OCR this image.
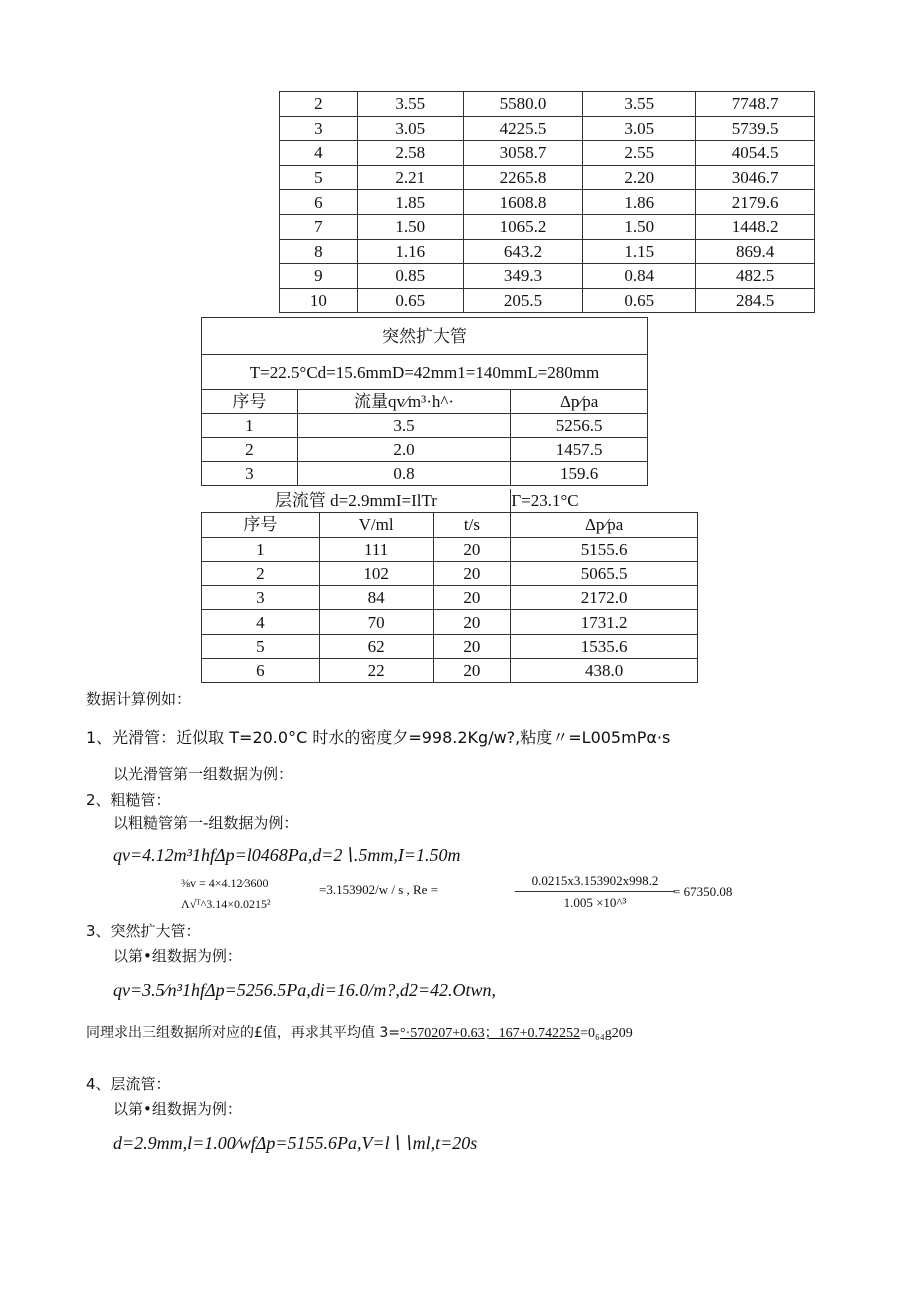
2	3.55	5580.0	3.55	7748.7
3	3.05	4225.5	3.05	5739.5
4	2.58	3058.7	2.55	4054.5
5	2.21	2265.8	2.20	3046.7
6	1.85	1608.8	1.86	2179.6
7	1.50	1065.2	1.50	1448.2
8	1.16	643.2	1.15	869.4
9	0.85	349.3	0.84	482.5
10	0.65	205.5	0.65	284.5
突然扩大管		
T=22.5°Cd=15.6mmD=42mm1=140mmL=280mm		
序号	流量qv⁄m³·h^·	Δp⁄pa
1	3.5	5256.5
2	2.0	1457.5
3	0.8	159.6
层流管 d=2.9mmI=IlTr			Γ=23.1°C
序号	V/ml	t/s	Δp⁄pa
1	111	20	5155.6
2	102	20	5065.5
3	84	20	2172.0
4	70	20	1731.2
5	62	20	1535.6
6	22	20	438.0
数据计算例如：
1、光滑管：近似取 T=20.0°C 时水的密度夕=998.2Kg/w?,粘度〃=L005mPα·s
以光滑管第一组数据为例：
2、粗糙管：
以粗糙管第一-组数据为例：
qv=4.12m³1hfΔp=l0468Pa,d=2∖.5mm,I=1.50m
⅜v = 4×4.12∕3600
Λ√ᵀ^3.14×0.0215²
=3.153902/w / s , Re =
0.0215x3.153902x998.2
1.005 ×10^³
= 67350.08
3、突然扩大管：
以第•组数据为例：
qv=3.5∕n³1hfΔp=5256.5Pa,di=16.0/m?,d2=42.Otwn,
同理求出三组数据所对应的£值，再求其平均值 3=°·570207+0.63；167+0.742252=0₆₄g209
4、层流管：
以第•组数据为例：
d=2.9mm,l=1.00∕wfΔp=5155.6Pa,V=l∖∖ml,t=20s
